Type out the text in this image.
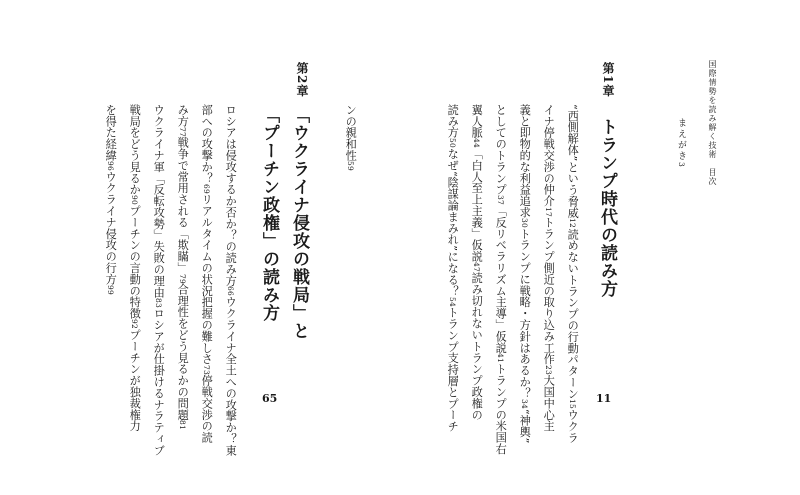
国際情勢を読み解く技術　目次
まえがき3
第1章
トランプ時代の読み方
11
“西側解体”という脅威12読めないトランプの行動パターン15ウクラ
イナ停戦交渉の仲介17トランプ側近の取り込み工作23大国中心主
義と即物的な利益追求30トランプに戦略・方針はあるか？34“神輿”
としてのトランプ37「反リベラリズム主導」仮説41トランプの米国右
翼人脈44「白人至上主義」仮説47読み切れないトランプ政権の
読み方50なぜ“陰謀論まみれ”になる？54トランプ支持層とプーチ
ンの親和性59
第2章
「ウクライナ侵攻の戦局」と
「プーチン政権」の読み方
65
ロシアは侵攻するか否か？の読み方66ウクライナ全土への攻撃か？東
部への攻撃か？69リアルタイムの状況把握の難しさ73停戦交渉の読
み方77戦争で常用される「欺瞞」79合理性をどう見るかの問題81
ウクライナ軍「反転攻勢」失敗の理由83ロシアが仕掛けるナラティブ
戦局をどう見るか90プーチンの言動の特徴92プーチンが独裁権力
を得た経緯96ウクライナ侵攻の行方99
